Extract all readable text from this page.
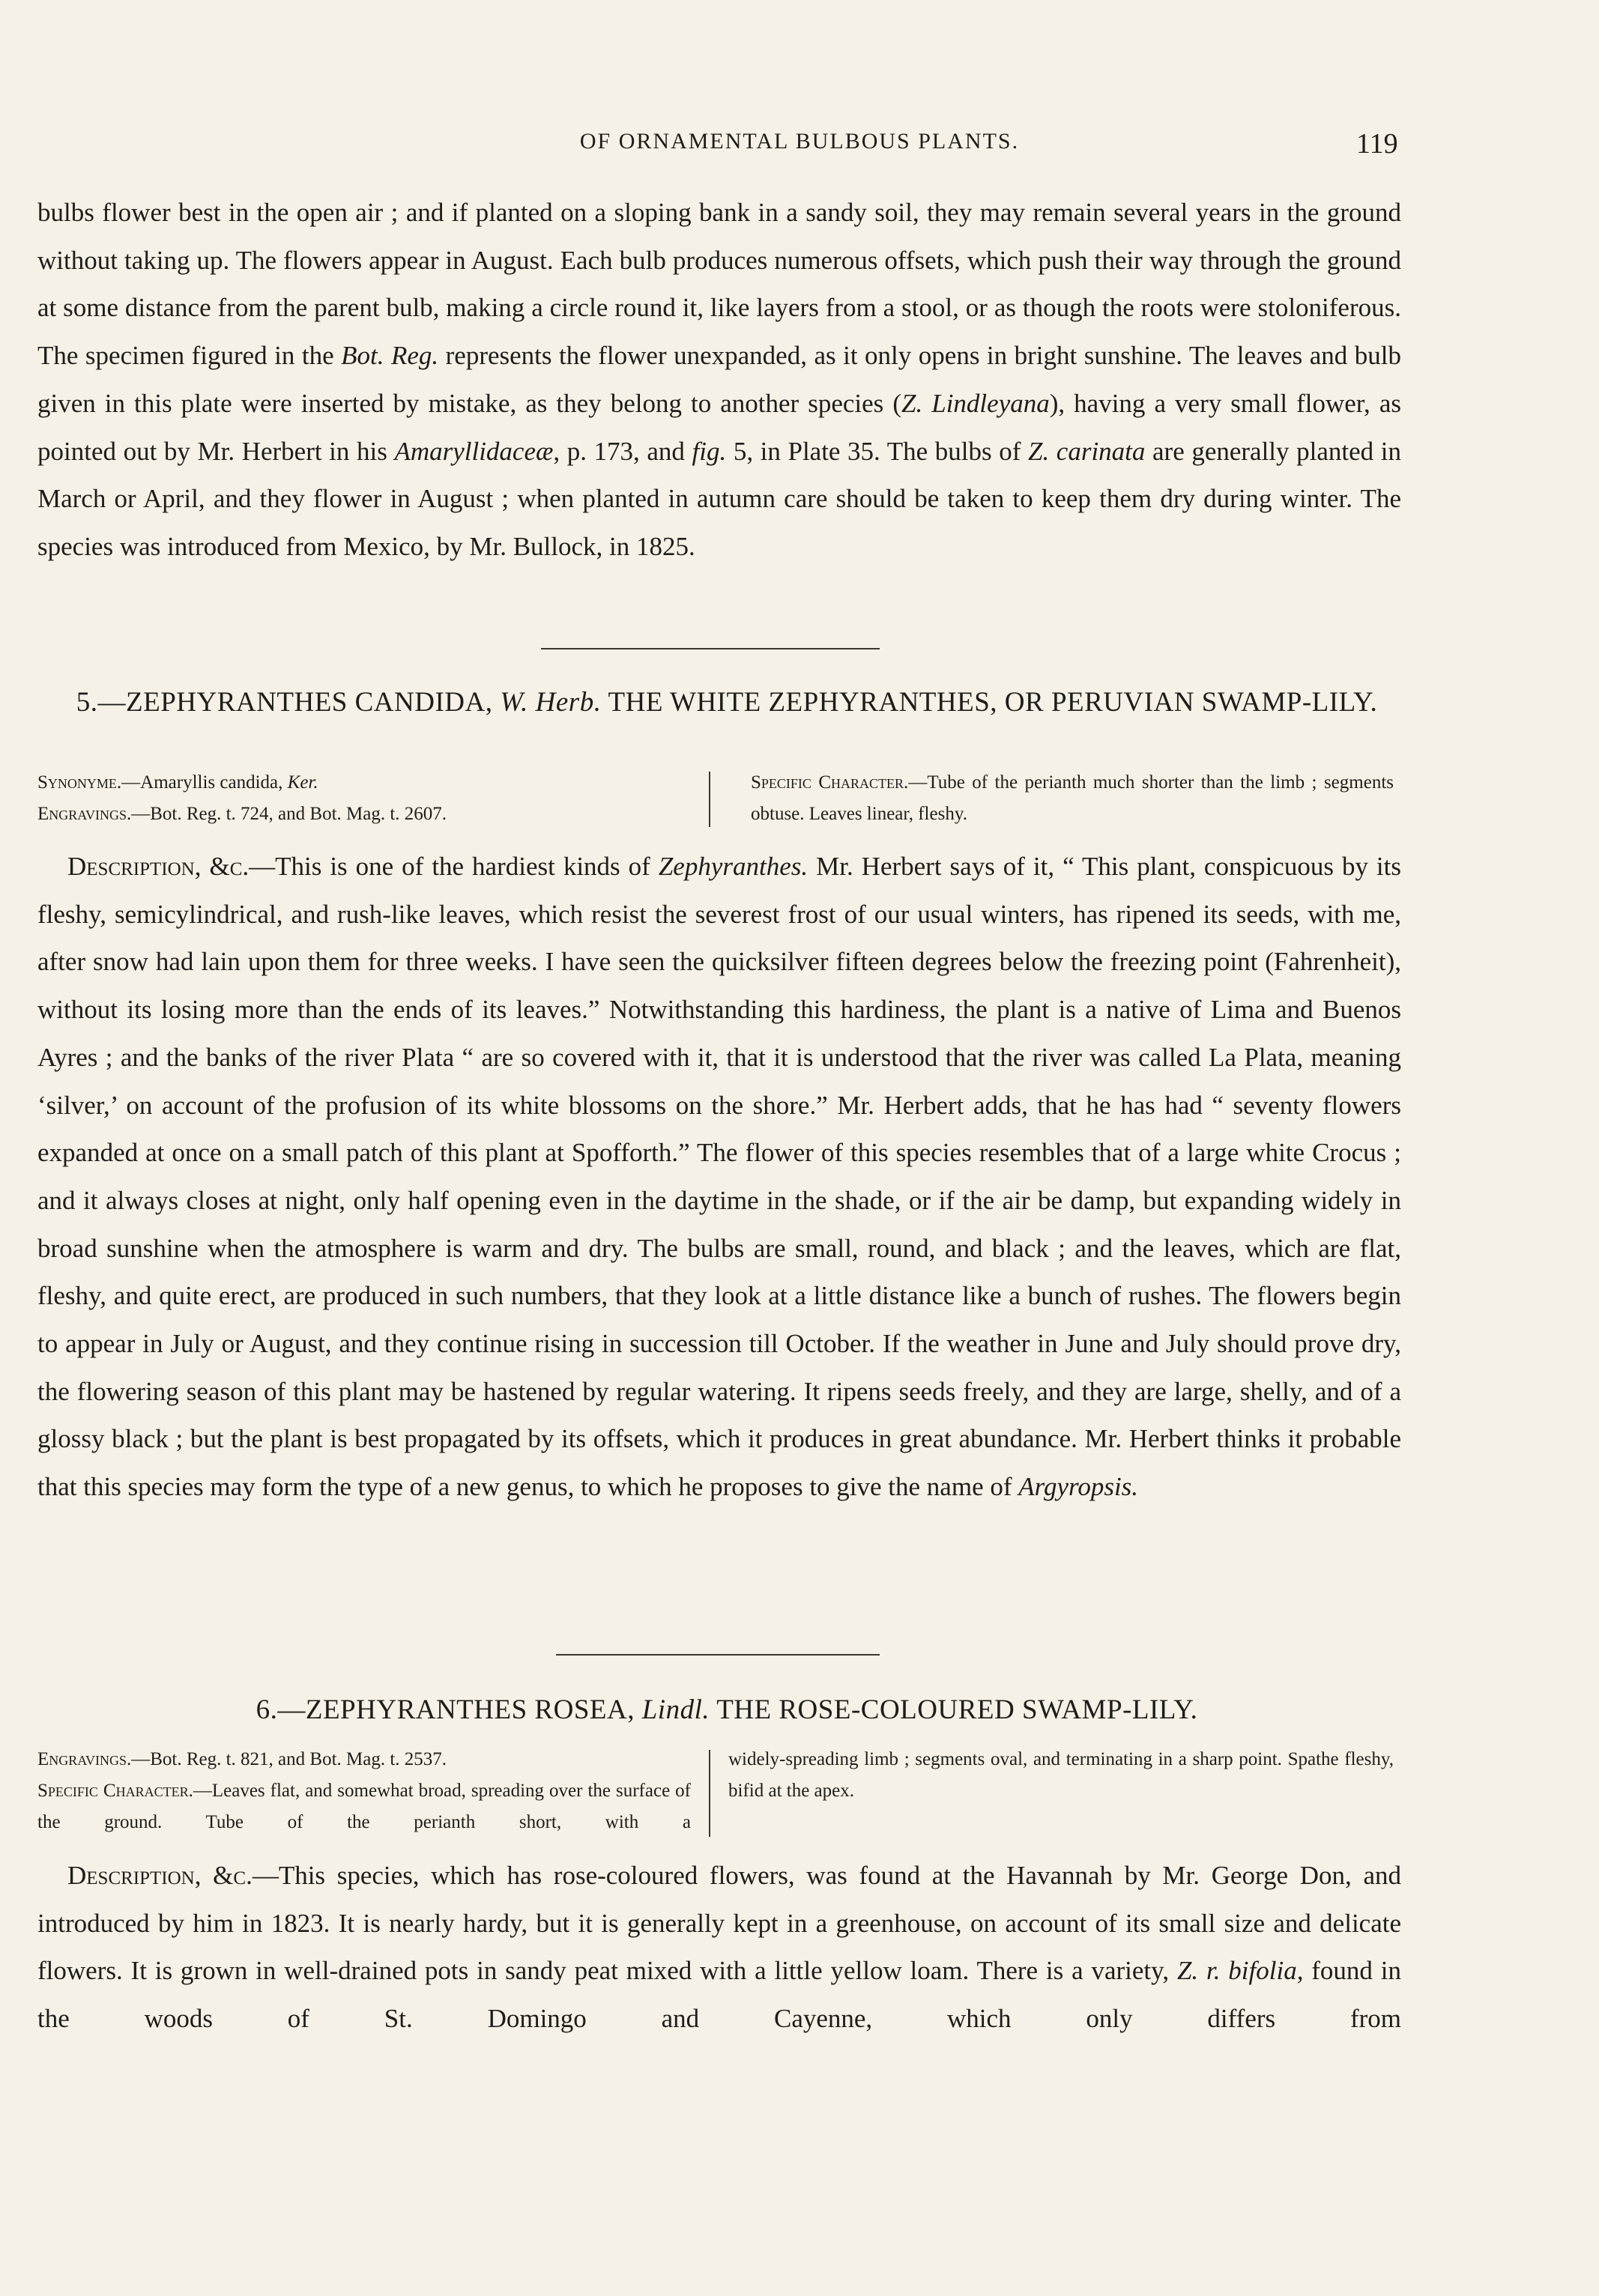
OF ORNAMENTAL BULBOUS PLANTS.	119

bulbs flower best in the open air ; and if planted on a sloping bank in a sandy soil, they may remain several years in the ground without taking up. The flowers appear in August. Each bulb produces numerous offsets, which push their way through the ground at some distance from the parent bulb, making a circle round it, like layers from a stool, or as though the roots were stoloniferous. The specimen figured in the Bot. Reg. represents the flower unexpanded, as it only opens in bright sunshine. The leaves and bulb given in this plate were inserted by mistake, as they belong to another species (Z. Lindleyana), having a very small flower, as pointed out by Mr. Herbert in his Amaryllidaceæ, p. 173, and fig. 5, in Plate 35. The bulbs of Z. carinata are generally planted in March or April, and they flower in August ; when planted in autumn care should be taken to keep them dry during winter. The species was introduced from Mexico, by Mr. Bullock, in 1825.

5.—ZEPHYRANTHES CANDIDA, W. Herb. THE WHITE ZEPHYRANTHES, OR PERUVIAN SWAMP-LILY.

Synonyme.—Amaryllis candida, Ker.

Engravings.—Bot. Reg. t. 724, and Bot. Mag. t. 2607.

Specific Character.—Tube of the perianth much shorter than the limb ; segments obtuse. Leaves linear, fleshy.

Description, &c.—This is one of the hardiest kinds of Zephyranthes. Mr. Herbert says of it, “ This plant, conspicuous by its fleshy, semicylindrical, and rush-like leaves, which resist the severest frost of our usual winters, has ripened its seeds, with me, after snow had lain upon them for three weeks. I have seen the quicksilver fifteen degrees below the freezing point (Fahrenheit), without its losing more than the ends of its leaves.” Notwithstanding this hardiness, the plant is a native of Lima and Buenos Ayres ; and the banks of the river Plata “ are so covered with it, that it is understood that the river was called La Plata, meaning ‘silver,’ on account of the profusion of its white blossoms on the shore.” Mr. Herbert adds, that he has had “ seventy flowers expanded at once on a small patch of this plant at Spofforth.” The flower of this species resembles that of a large white Crocus ; and it always closes at night, only half opening even in the daytime in the shade, or if the air be damp, but expanding widely in broad sunshine when the atmosphere is warm and dry. The bulbs are small, round, and black ; and the leaves, which are flat, fleshy, and quite erect, are produced in such numbers, that they look at a little distance like a bunch of rushes. The flowers begin to appear in July or August, and they continue rising in succession till October. If the weather in June and July should prove dry, the flowering season of this plant may be hastened by regular watering. It ripens seeds freely, and they are large, shelly, and of a glossy black ; but the plant is best propagated by its offsets, which it produces in great abundance. Mr. Herbert thinks it probable that this species may form the type of a new genus, to which he proposes to give the name of Argyropsis.

6.—ZEPHYRANTHES ROSEA, Lindl. THE ROSE-COLOURED SWAMP-LILY.

Engravings.—Bot. Reg. t. 821, and Bot. Mag. t. 2537.

Specific Character.—Leaves flat, and somewhat broad, spreading over the surface of the ground. Tube of the perianth short, with a

widely-spreading limb ; segments oval, and terminating in a sharp point. Spathe fleshy, bifid at the apex.

Description, &c.—This species, which has rose-coloured flowers, was found at the Havannah by Mr. George Don, and introduced by him in 1823. It is nearly hardy, but it is generally kept in a greenhouse, on account of its small size and delicate flowers. It is grown in well-drained pots in sandy peat mixed with a little yellow loam. There is a variety, Z. r. bifolia, found in the woods of St. Domingo and Cayenne, which only differs from
